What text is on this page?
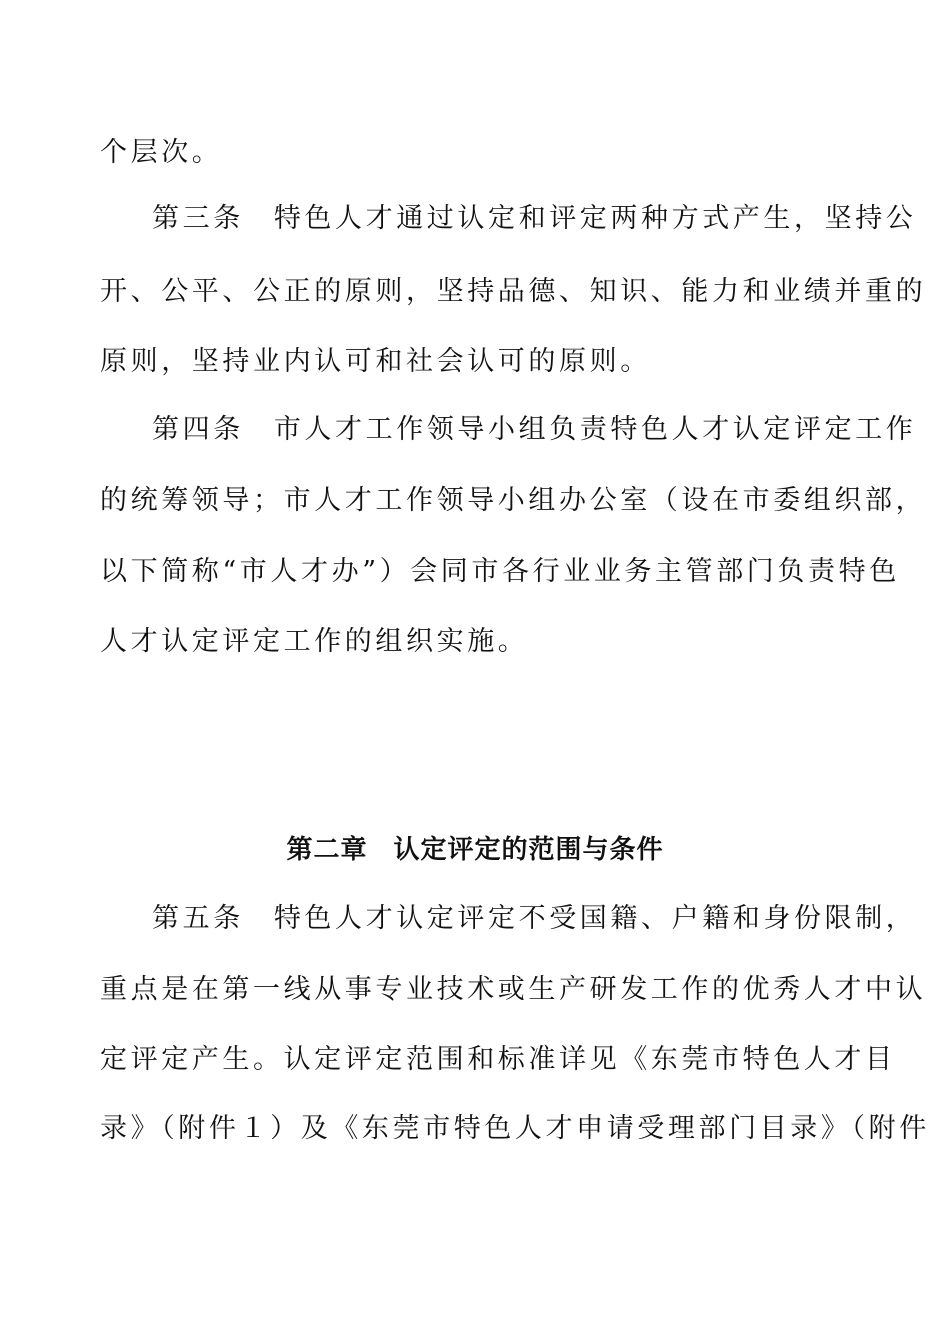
个层次。
第三条 特色人才通过认定和评定两种方式产生，坚持公
开、公平、公正的原则，坚持品德、知识、能力和业绩并重的
原则，坚持业内认可和社会认可的原则。
第四条 市人才工作领导小组负责特色人才认定评定工作
的统筹领导；市人才工作领导小组办公室（设在市委组织部，
以下简称“市人才办”）会同市各行业业务主管部门负责特色
人才认定评定工作的组织实施。
第二章 认定评定的范围与条件
第五条 特色人才认定评定不受国籍、户籍和身份限制，
重点是在第一线从事专业技术或生产研发工作的优秀人才中认
定评定产生。认定评定范围和标准详见《东莞市特色人才目
录》（附件１）及《东莞市特色人才申请受理部门目录》（附件
